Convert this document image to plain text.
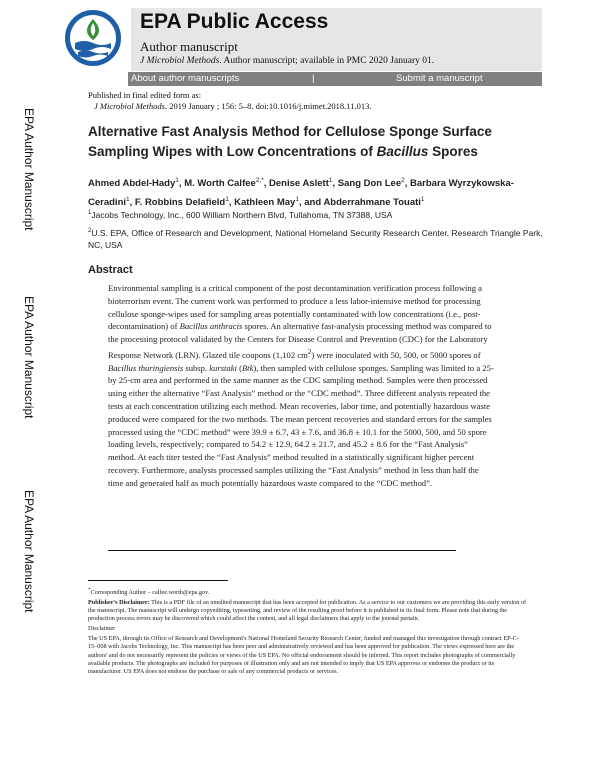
EPA Public Access
Author manuscript
J Microbiol Methods. Author manuscript; available in PMC 2020 January 01.
About author manuscripts	|	Submit a manuscript
Published in final edited form as:
J Microbiol Methods. 2019 January ; 156: 5–8. doi:10.1016/j.mimet.2018.11.013.
EPA Author Manuscript
EPA Author Manuscript
EPA Author Manuscript
Alternative Fast Analysis Method for Cellulose Sponge Surface Sampling Wipes with Low Concentrations of Bacillus Spores
Ahmed Abdel-Hady$^1$, M. Worth Calfee$^{2,*}$, Denise Aslett$^1$, Sang Don Lee$^2$, Barbara Wyrzykowska-Ceradini$^1$, F. Robbins Delafield$^1$, Kathleen May$^1$, and Abderrahmane Touati$^1$
$^1$Jacobs Technology, Inc., 600 William Northern Blvd, Tullahoma, TN 37388, USA
$^2$U.S. EPA, Office of Research and Development, National Homeland Security Research Center, Research Triangle Park, NC, USA
Abstract
Environmental sampling is a critical component of the post decontamination verification process following a bioterrorism event. The current work was performed to produce a less labor-intensive method for processing cellulose sponge-wipes used for sampling areas potentially contaminated with low concentrations (i.e., post-decontamination) of Bacillus anthracis spores. An alternative fast-analysis processing method was compared to the processing protocol validated by the Centers for Disease Control and Prevention (CDC) for the Laboratory Response Network (LRN). Glazed tile coupons (1,102 $cm^2$) were inoculated with 50, 500, or 5000 spores of Bacillus thuringiensis subsp. kurstaki (Btk), then sampled with cellulose sponges. Sampling was limited to a 25- by 25-cm area and performed in the same manner as the CDC sampling method. Samples were then processed using either the alternative “Fast Analysis” method or the “CDC method”. Three different analysts repeated the tests at each concentration utilizing each method. Mean recoveries, labor time, and potentially hazardous waste produced were compared for the two methods. The mean percent recoveries and standard errors for the samples processed using the “CDC method” were 39.9 ± 6.7, 43 ± 7.6, and 36.8 ± 10.1 for the 5000, 500, and 50 spore loading levels, respectively; compared to 54.2 ± 12.9, 64.2 ± 21.7, and 45.2 ± 8.6 for the “Fast Analysis” method. At each titer tested the “Fast Analysis” method resulted in a statistically significant higher percent recovery. Furthermore, analysts processed samples utilizing the “Fast Analysis” method in less than half the time and generated half as much potentially hazardous waste compared to the “CDC method”.

*Corresponding Author – calfee.worth@epa.gov.

Publisher's Disclaimer: This is a PDF file of an unedited manuscript that has been accepted for publication. As a service to our customers we are providing this early version of the manuscript. The manuscript will undergo copyediting, typesetting, and review of the resulting proof before it is published in its final form. Please note that during the production process errors may be discovered which could affect the content, and all legal disclaimers that apply to the journal pertain.

Disclaimer

The US EPA, through its Office of Research and Development's National Homeland Security Research Center, funded and managed this investigation through contract EP-C-15–008 with Jacobs Technology, Inc. This manuscript has been peer and administratively reviewed and has been approved for publication. The views expressed here are the authors' and do not necessarily represent the policies or views of the US EPA. No official endorsement should be inferred. This report includes photographs of commercially available products. The photographs are included for purposes of illustration only and are not intended to imply that US EPA approves or endorses the product or its manufacturer. US EPA does not endorse the purchase or sale of any commercial products or services.
